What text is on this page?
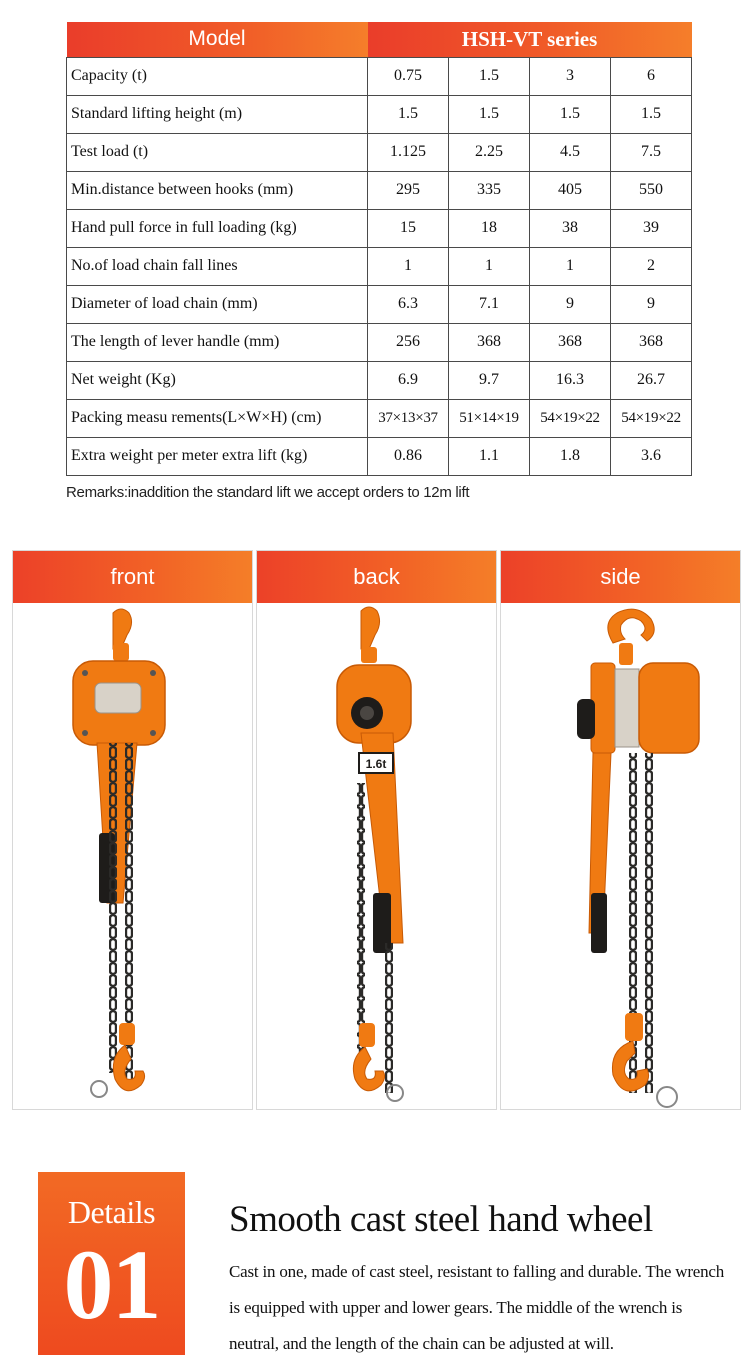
Model	HSH-VT series			
Capacity (t)	0.75	1.5	3	6
Standard lifting height (m)	1.5	1.5	1.5	1.5
Test load (t)	1.125	2.25	4.5	7.5
Min.distance between hooks (mm)	295	335	405	550
Hand pull force in full loading (kg)	15	18	38	39
No.of load chain fall lines	1	1	1	2
Diameter of load chain (mm)	6.3	7.1	9	9
The length of lever handle (mm)	256	368	368	368
Net weight (Kg)	6.9	9.7	16.3	26.7
Packing measu rements(L×W×H) (cm)	37×13×37	51×14×19	54×19×22	54×19×22
Extra weight per meter extra lift (kg)	0.86	1.1	1.8	3.6
Remarks:inaddition the standard lift we accept orders to 12m lift
front	back
1.6t
side
Details
01
Smooth cast steel hand wheel
Cast in one, made of cast steel, resistant to falling and durable. The wrench is equipped with upper and lower gears. The middle of the wrench is neutral, and the length of the chain can be adjusted at will.
